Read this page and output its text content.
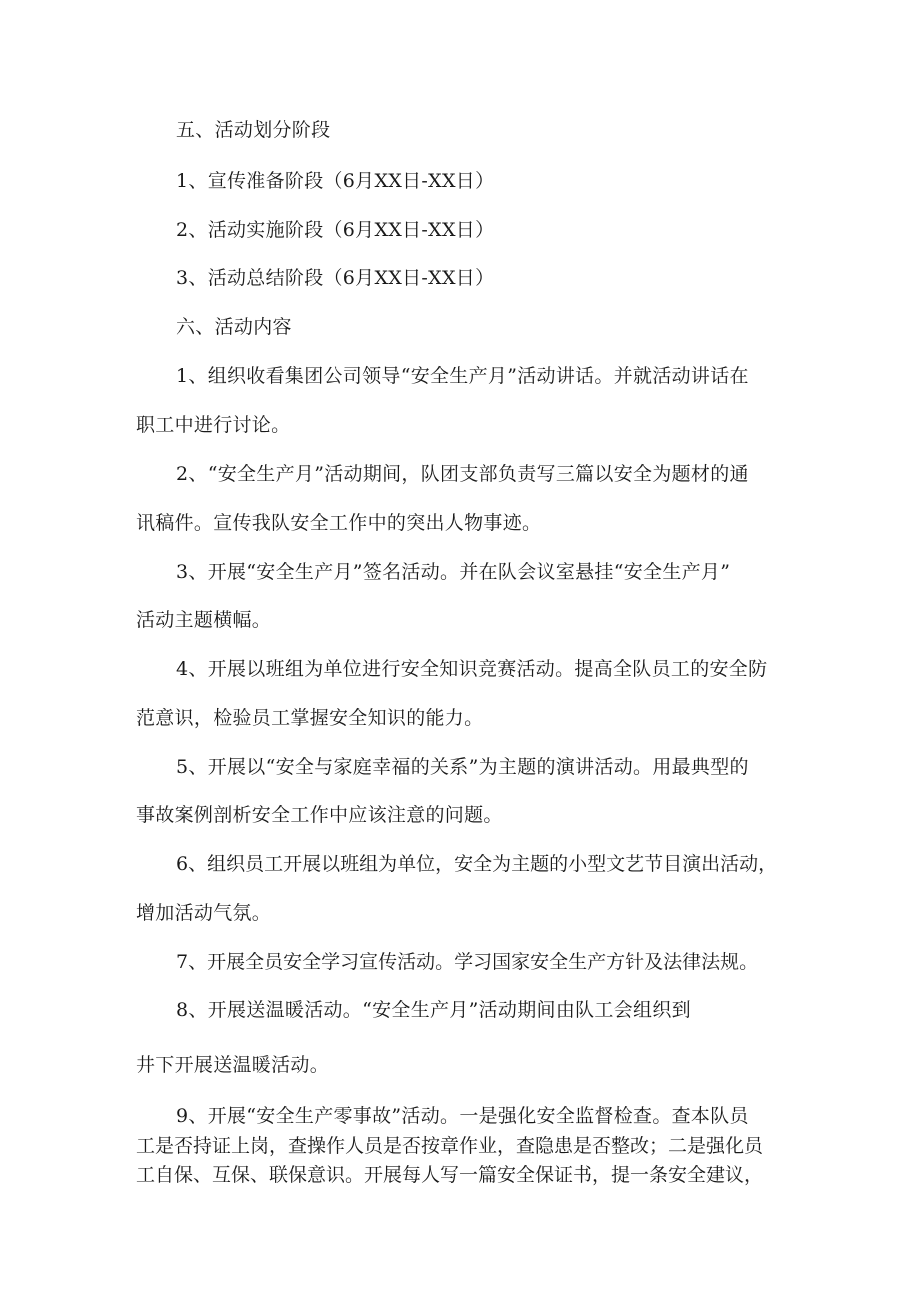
五、活动划分阶段
1、宣传准备阶段（6月XX日-XX日）
2、活动实施阶段（6月XX日-XX日）
3、活动总结阶段（6月XX日-XX日）
六、活动内容
1、组织收看集团公司领导“安全生产月”活动讲话。并就活动讲话在
职工中进行讨论。
2、“安全生产月”活动期间，队团支部负责写三篇以安全为题材的通
讯稿件。宣传我队安全工作中的突出人物事迹。
3、开展“安全生产月”签名活动。并在队会议室悬挂“安全生产月”
活动主题横幅。
4、开展以班组为单位进行安全知识竞赛活动。提高全队员工的安全防
范意识，检验员工掌握安全知识的能力。
5、开展以“安全与家庭幸福的关系”为主题的演讲活动。用最典型的
事故案例剖析安全工作中应该注意的问题。
6、组织员工开展以班组为单位，安全为主题的小型文艺节目演出活动，
增加活动气氛。
7、开展全员安全学习宣传活动。学习国家安全生产方针及法律法规。
8、开展送温暖活动。“安全生产月”活动期间由队工会组织到
井下开展送温暖活动。
9、开展“安全生产零事故”活动。一是强化安全监督检查。查本队员
工是否持证上岗，查操作人员是否按章作业，查隐患是否整改；二是强化员
工自保、互保、联保意识。开展每人写一篇安全保证书，提一条安全建议，
